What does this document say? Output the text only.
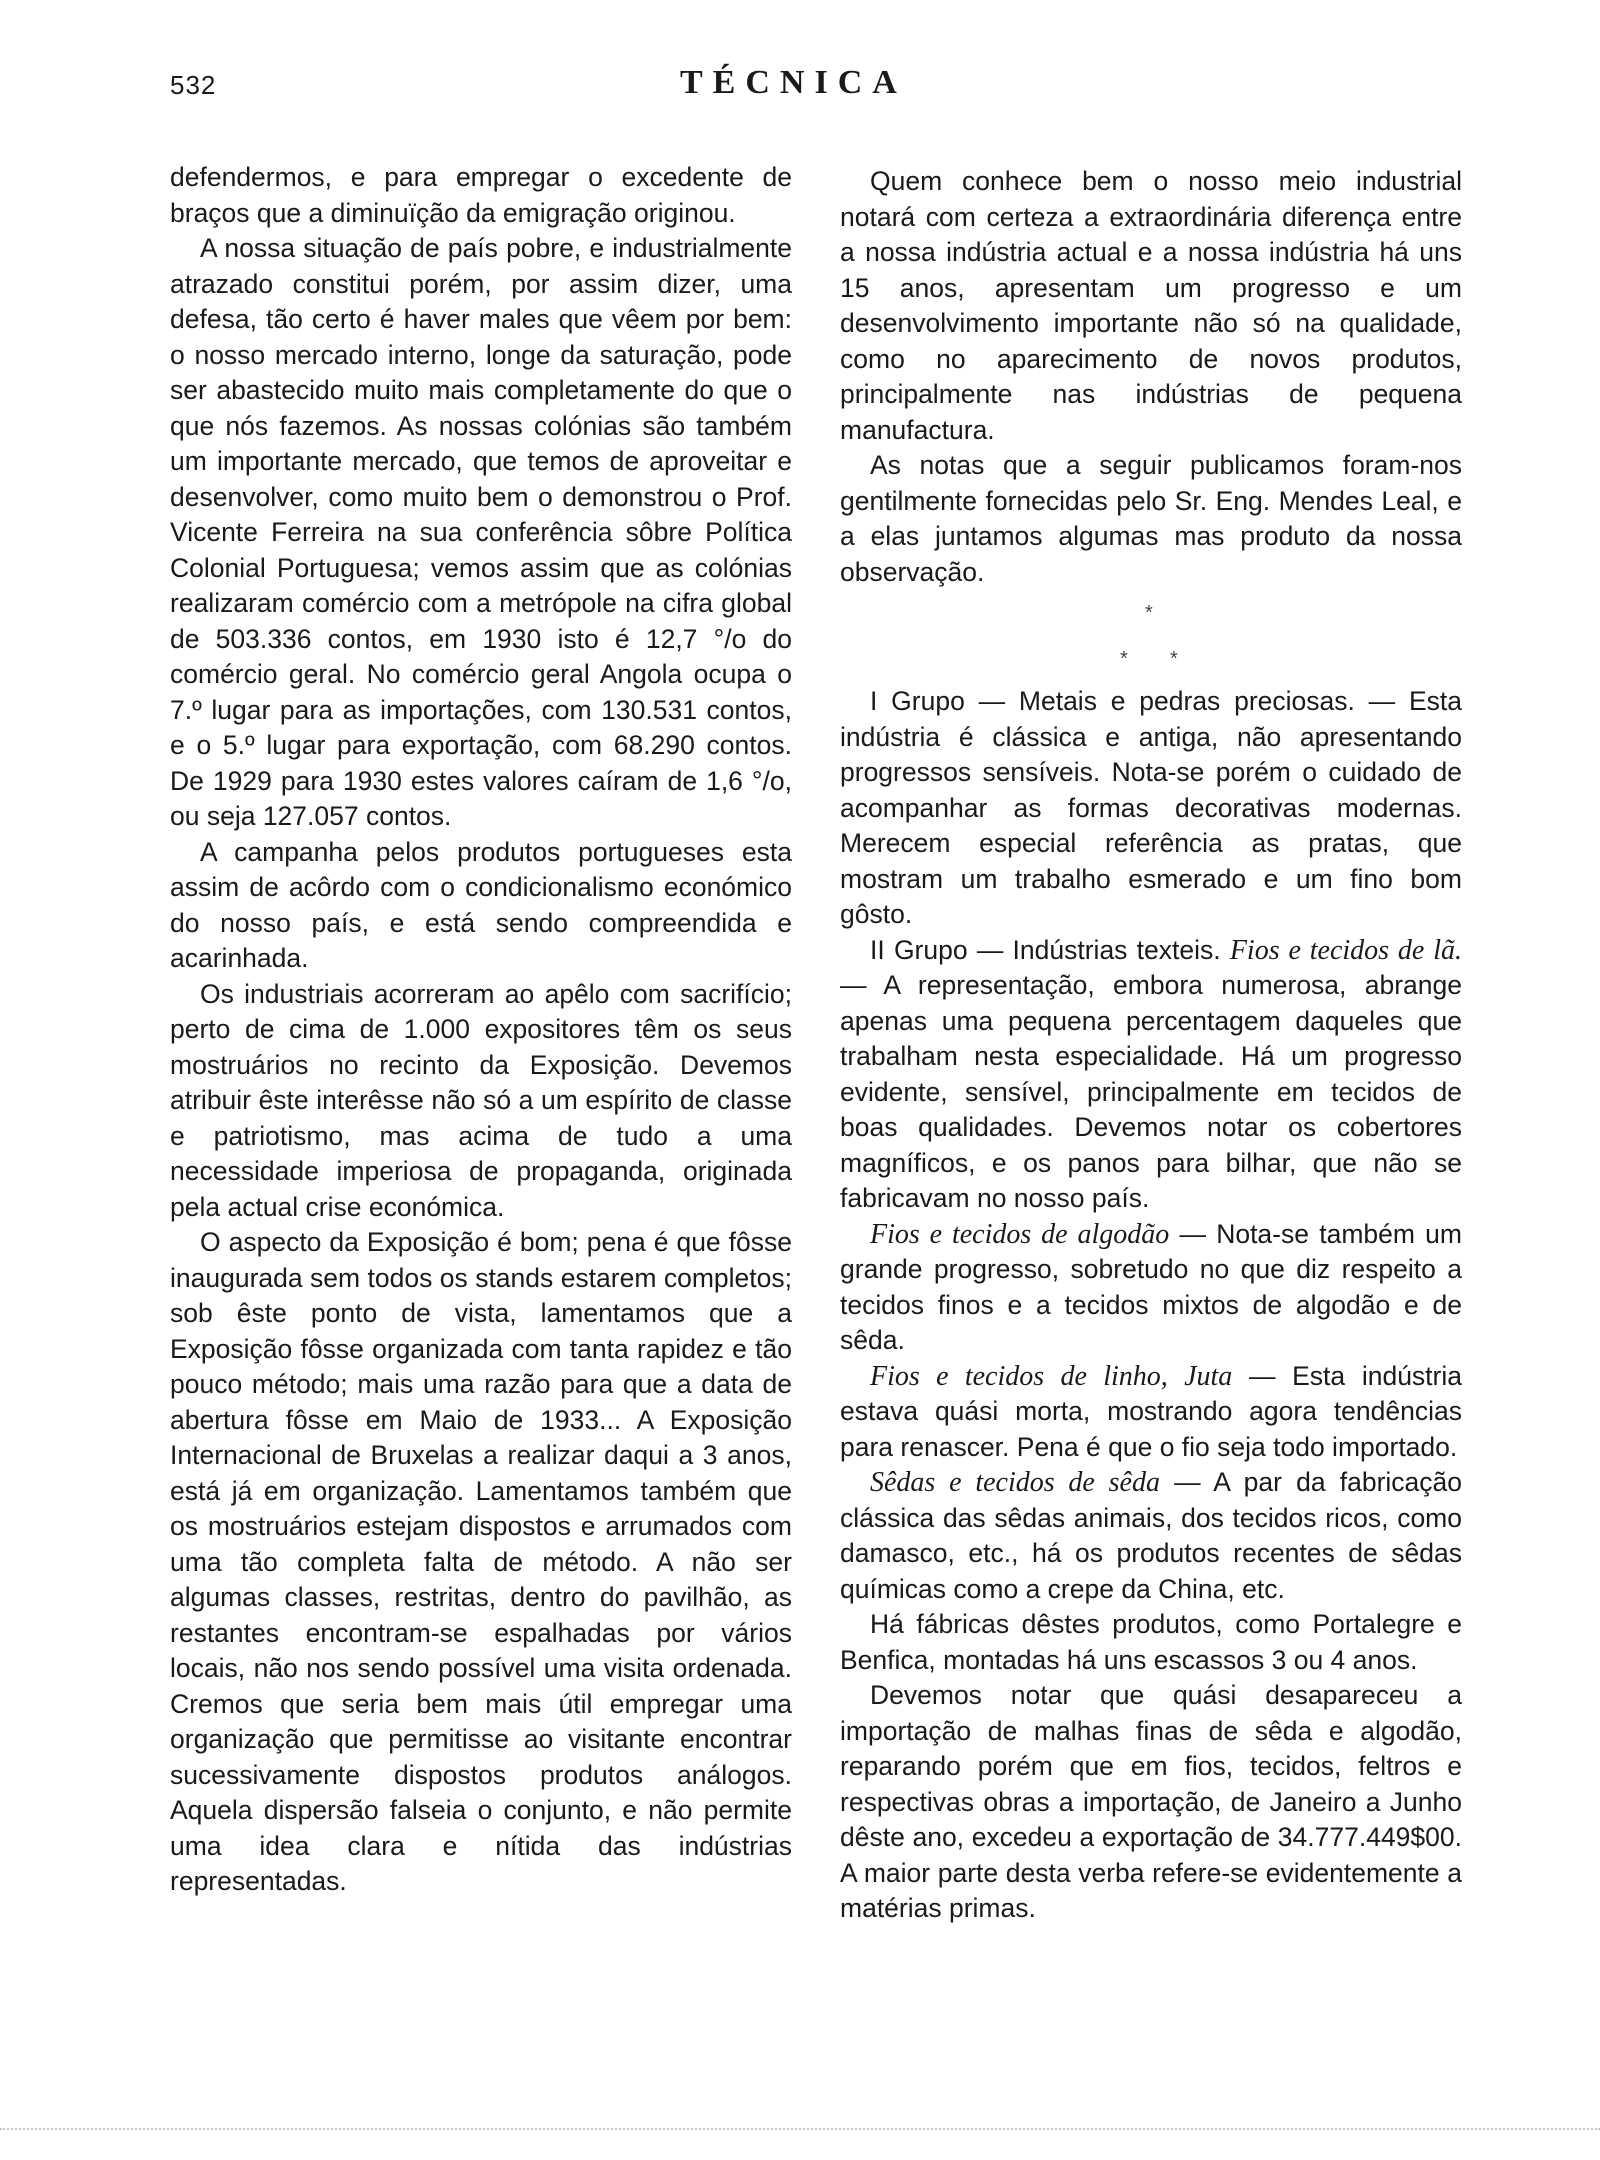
532	TÉCNICA

defendermos, e para empregar o excedente de braços que a diminuïção da emigração originou.

A nossa situação de país pobre, e industrialmente atrazado constitui porém, por assim dizer, uma defesa, tão certo é haver males que vêem por bem: o nosso mercado interno, longe da saturação, pode ser abastecido muito mais completamente do que o que nós fazemos. As nossas colónias são também um importante mercado, que temos de aproveitar e desenvolver, como muito bem o demonstrou o Prof. Vicente Ferreira na sua conferência sôbre Política Colonial Portuguesa; vemos assim que as colónias realizaram comércio com a metrópole na cifra global de 503.336 contos, em 1930 isto é 12,7 °/o do comércio geral. No comércio geral Angola ocupa o 7.º lugar para as importações, com 130.531 contos, e o 5.º lugar para exportação, com 68.290 contos. De 1929 para 1930 estes valores caíram de 1,6 °/o, ou seja 127.057 contos.

A campanha pelos produtos portugueses esta assim de acôrdo com o condicionalismo económico do nosso país, e está sendo compreendida e acarinhada.

Os industriais acorreram ao apêlo com sacrifício; perto de cima de 1.000 expositores têm os seus mostruários no recinto da Exposição. Devemos atribuir êste interêsse não só a um espírito de classe e patriotismo, mas acima de tudo a uma necessidade imperiosa de propaganda, originada pela actual crise económica.

O aspecto da Exposição é bom; pena é que fôsse inaugurada sem todos os stands estarem completos; sob êste ponto de vista, lamentamos que a Exposição fôsse organizada com tanta rapidez e tão pouco método; mais uma razão para que a data de abertura fôsse em Maio de 1933... A Exposição Internacional de Bruxelas a realizar daqui a 3 anos, está já em organização. Lamentamos também que os mostruários estejam dispostos e arrumados com uma tão completa falta de método. A não ser algumas classes, restritas, dentro do pavilhão, as restantes encontram-se espalhadas por vários locais, não nos sendo possível uma visita ordenada. Cremos que seria bem mais útil empregar uma organização que permitisse ao visitante encontrar sucessivamente dispostos produtos análogos. Aquela dispersão falseia o conjunto, e não permite uma idea clara e nítida das indústrias representadas.

Quem conhece bem o nosso meio industrial notará com certeza a extraordinária diferença entre a nossa indústria actual e a nossa indústria há uns 15 anos, apresentam um progresso e um desenvolvimento importante não só na qualidade, como no aparecimento de novos produtos, principalmente nas indústrias de pequena manufactura.

As notas que a seguir publicamos foram-nos gentilmente fornecidas pelo Sr. Eng. Mendes Leal, e a elas juntamos algumas mas produto da nossa observação.

*
* *

I Grupo — Metais e pedras preciosas. — Esta indústria é clássica e antiga, não apresentando progressos sensíveis. Nota-se porém o cuidado de acompanhar as formas decorativas modernas. Merecem especial referência as pratas, que mostram um trabalho esmerado e um fino bom gôsto.

II Grupo — Indústrias texteis. Fios e tecidos de lã. — A representação, embora numerosa, abrange apenas uma pequena percentagem daqueles que trabalham nesta especialidade. Há um progresso evidente, sensível, principalmente em tecidos de boas qualidades. Devemos notar os cobertores magníficos, e os panos para bilhar, que não se fabricavam no nosso país.

Fios e tecidos de algodão — Nota-se também um grande progresso, sobretudo no que diz respeito a tecidos finos e a tecidos mixtos de algodão e de sêda.

Fios e tecidos de linho, Juta — Esta indústria estava quási morta, mostrando agora tendências para renascer. Pena é que o fio seja todo importado.

Sêdas e tecidos de sêda — A par da fabricação clássica das sêdas animais, dos tecidos ricos, como damasco, etc., há os produtos recentes de sêdas químicas como a crepe da China, etc.

Há fábricas dêstes produtos, como Portalegre e Benfica, montadas há uns escassos 3 ou 4 anos.

Devemos notar que quási desapareceu a importação de malhas finas de sêda e algodão, reparando porém que em fios, tecidos, feltros e respectivas obras a importação, de Janeiro a Junho dêste ano, excedeu a exportação de 34.777.449$00. A maior parte desta verba refere-se evidentemente a matérias primas.
